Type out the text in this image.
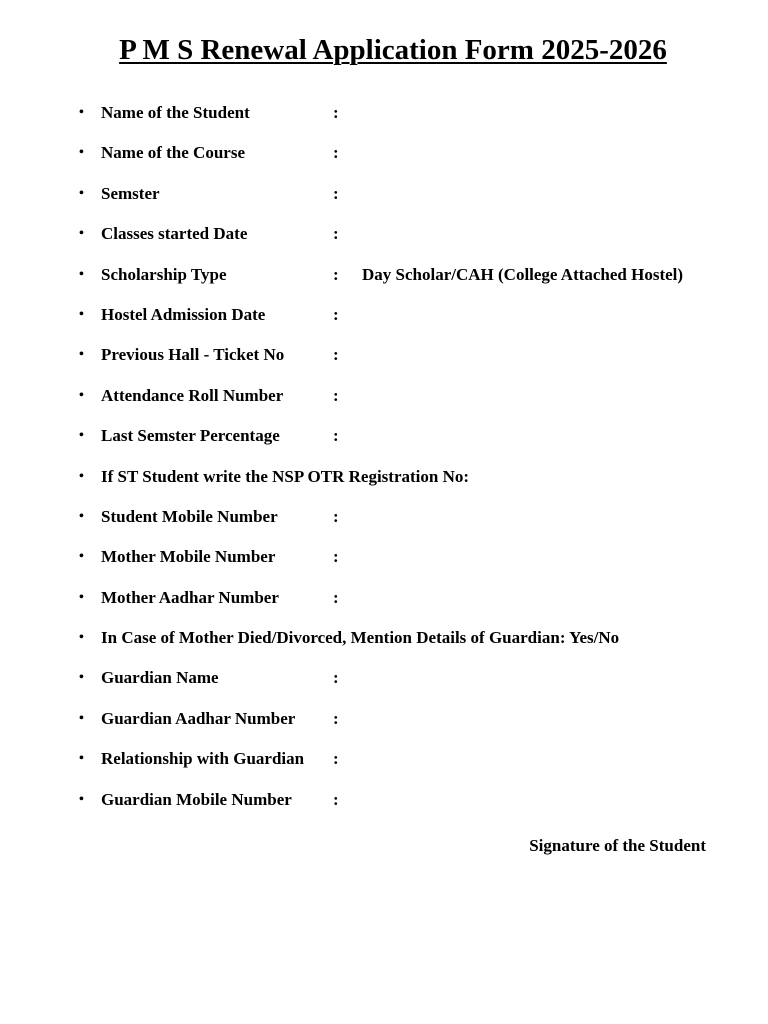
P M S Renewal Application Form 2025-2026
• Name of the Student	:
• Name of the Course	:
• Semster	:
• Classes started Date	:
• Scholarship Type	: Day Scholar/CAH (College Attached Hostel)
• Hostel Admission Date	:
• Previous Hall - Ticket No	:
• Attendance Roll Number	:
• Last Semster Percentage	:
• If ST Student write the NSP OTR Registration No:
• Student Mobile Number	:
• Mother Mobile Number	:
• Mother Aadhar Number	:
• In Case of Mother Died/Divorced, Mention Details of Guardian: Yes/No
• Guardian Name	:
• Guardian Aadhar Number :
• Relationship with Guardian :
• Guardian Mobile Number :
Signature of the Student
